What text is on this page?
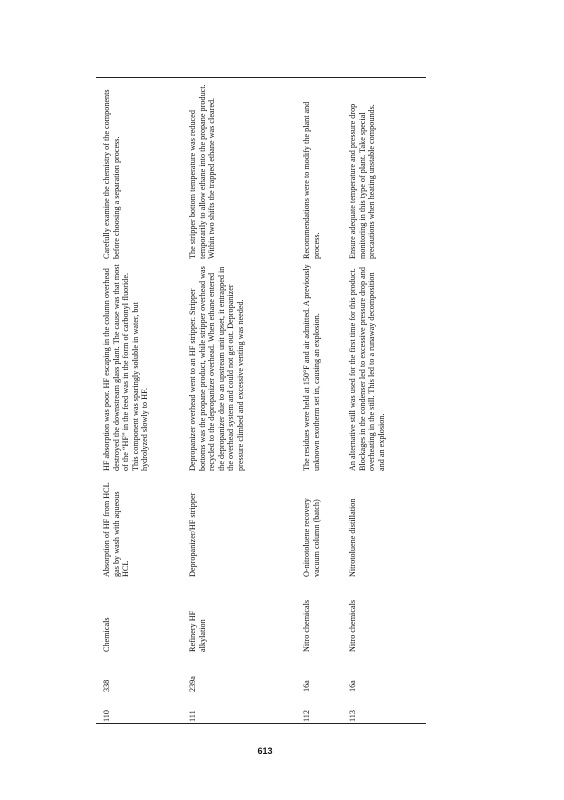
110
338
Chemicals
Absorption of HF from HCL gas by wash with aqueous HCL
HF absorption was poor. HF escaping in the column overhead destroyed the downstream glass plant. The cause was that most of the “HF” in the feed was in the form of carbonyl fluoride. This component was sparingly soluble in water, but hydrolyzed slowly to HF.
Carefully examine the chemistry of the components before choosing a separation process.
111
239a
Refinery HF alkylation
Depropanizer/HF stripper
Depropanizer overhead went to an HF stripper. Stripper bottoms was the propane product, while stripper overhead was recycled to the depropanizer overhead. When ethane entered the depropanizer due to an upstream unit upset, it entrapped in the overhead system and could not get out. Depropanizer pressure climbed and excessive venting was needed.
The stripper bottom temperature was reduced temporarily to allow ethane into the propane product. Within two shifts the trapped ethane was cleared.
112
16a
Nitro chemicals
O-nitrotoluene recovery vacuum column (batch)
The residues were held at 150°F and air admitted. A previously unknown exotherm set in, causing an explosion.
Recommendations were to modify the plant and process.
113
16a
Nitro chemicals
Nitrotoluene distillation
An alternative still was used for the first time for this product. Blockages in the condenser led to excessive pressure drop and overheating in the still. This led to a runaway decomposition and an explosion.
Ensure adequate temperature and pressure drop monitoring in this type of plant. Take special precautions when heating unstable compounds.
613
